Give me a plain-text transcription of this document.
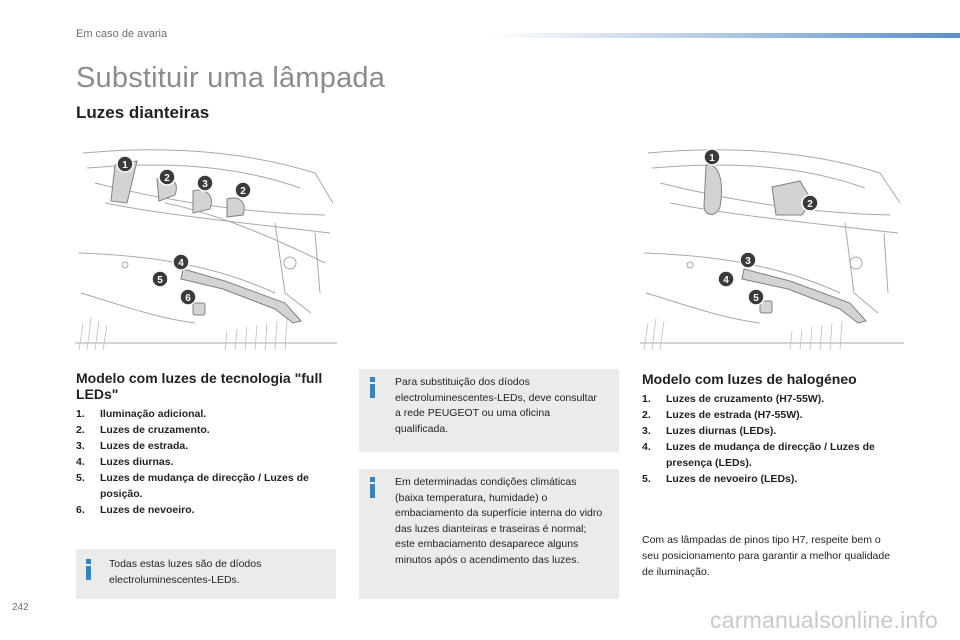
Em caso de avaria
Substituir uma lâmpada
Luzes dianteiras
1
2
3
2
4
5
6
1
2
3
4
5
Modelo com luzes de tecnologia "full LEDs"
1.	Iluminação adicional.
2.	Luzes de cruzamento.
3.	Luzes de estrada.
4.	Luzes diurnas.
5.	Luzes de mudança de direcção / Luzes de posição.
6.	Luzes de nevoeiro.
Todas estas luzes são de díodos electroluminescentes-LEDs.
Para substituição dos díodos electroluminescentes-LEDs, deve consultar a rede PEUGEOT ou uma oficina qualificada.
Em determinadas condições climáticas (baixa temperatura, humidade) o embaciamento da superfície interna do vidro das luzes dianteiras e traseiras é normal; este embaciamento desaparece alguns minutos após o acendimento das luzes.
Modelo com luzes de halogéneo
1.	Luzes de cruzamento (H7-55W).
2.	Luzes de estrada (H7-55W).
3.	Luzes diurnas (LEDs).
4.	Luzes de mudança de direcção / Luzes de presença (LEDs).
5.	Luzes de nevoeiro (LEDs).
Com as lâmpadas de pinos tipo H7, respeite bem o seu posicionamento para garantir a melhor qualidade de iluminação.
242	carmanualsonline.info
